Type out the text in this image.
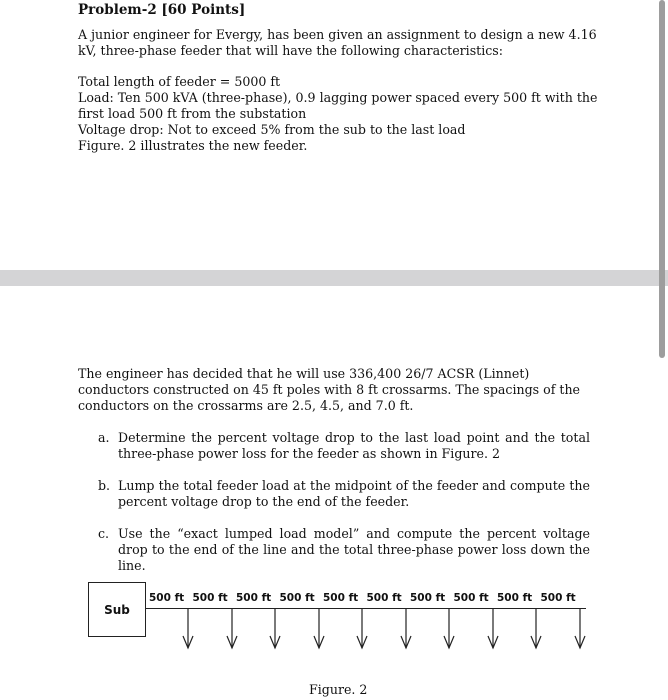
Problem-2 [60 Points]
A junior engineer for Evergy, has been given an assignment to design a new 4.16 kV, three-phase feeder that will have the following characteristics:
Total length of feeder = 5000 ft
Load: Ten 500 kVA (three-phase), 0.9 lagging power spaced every 500 ft with the first load 500 ft from the substation
Voltage drop: Not to exceed 5% from the sub to the last load
Figure. 2 illustrates the new feeder.
The engineer has decided that he will use 336,400 26/7 ACSR (Linnet) conductors constructed on 45 ft poles with 8 ft crossarms. The spacings of the conductors on the crossarms are 2.5, 4.5, and 7.0 ft.
a. Determine the percent voltage drop to the last load point and the total three-phase power loss for the feeder as shown in Figure. 2
b. Lump the total feeder load at the midpoint of the feeder and compute the percent voltage drop to the end of the feeder.
c. Use the “exact lumped load model” and compute the percent voltage drop to the end of the line and the total three-phase power loss down the line.
Sub
500 ft 500 ft 500 ft 500 ft 500 ft 500 ft 500 ft 500 ft 500 ft 500 ft
Figure. 2
